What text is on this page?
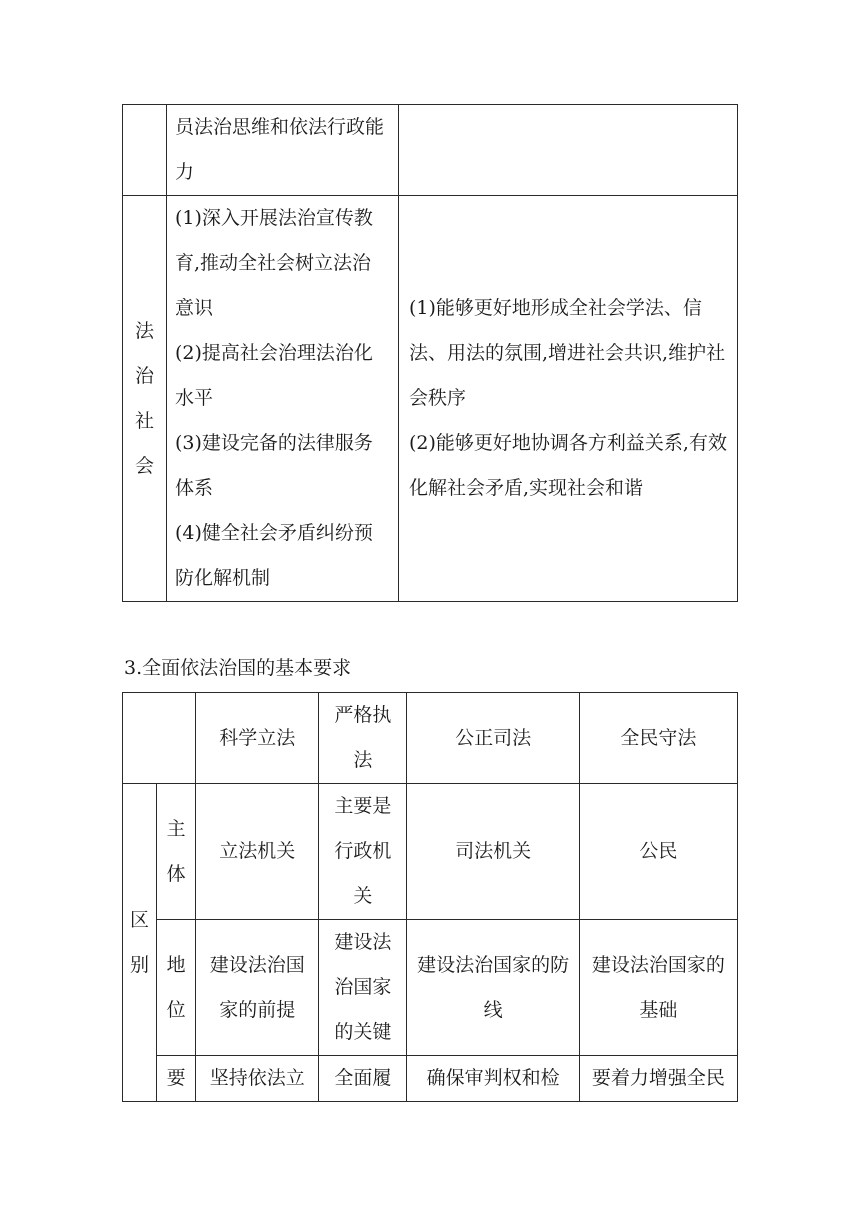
	员法治思维和依法行政能力	
法治社会	(1)深入开展法治宣传教育,推动全社会树立法治意识
(2)提高社会治理法治化水平
(3)建设完备的法律服务体系
(4)健全社会矛盾纠纷预防化解机制	(1)能够更好地形成全社会学法、信法、用法的氛围,增进社会共识,维护社会秩序
(2)能够更好地协调各方利益关系,有效化解社会矛盾,实现社会和谐
3.全面依法治国的基本要求
		科学立法	严格执法	公正司法	全民守法
区别	主体	立法机关	主要是行政机关	司法机关	公民
	地位	建设法治国家的前提	建设法治国家的关键	建设法治国家的防线	建设法治国家的基础
	要	坚持依法立	全面履	确保审判权和检	要着力增强全民
